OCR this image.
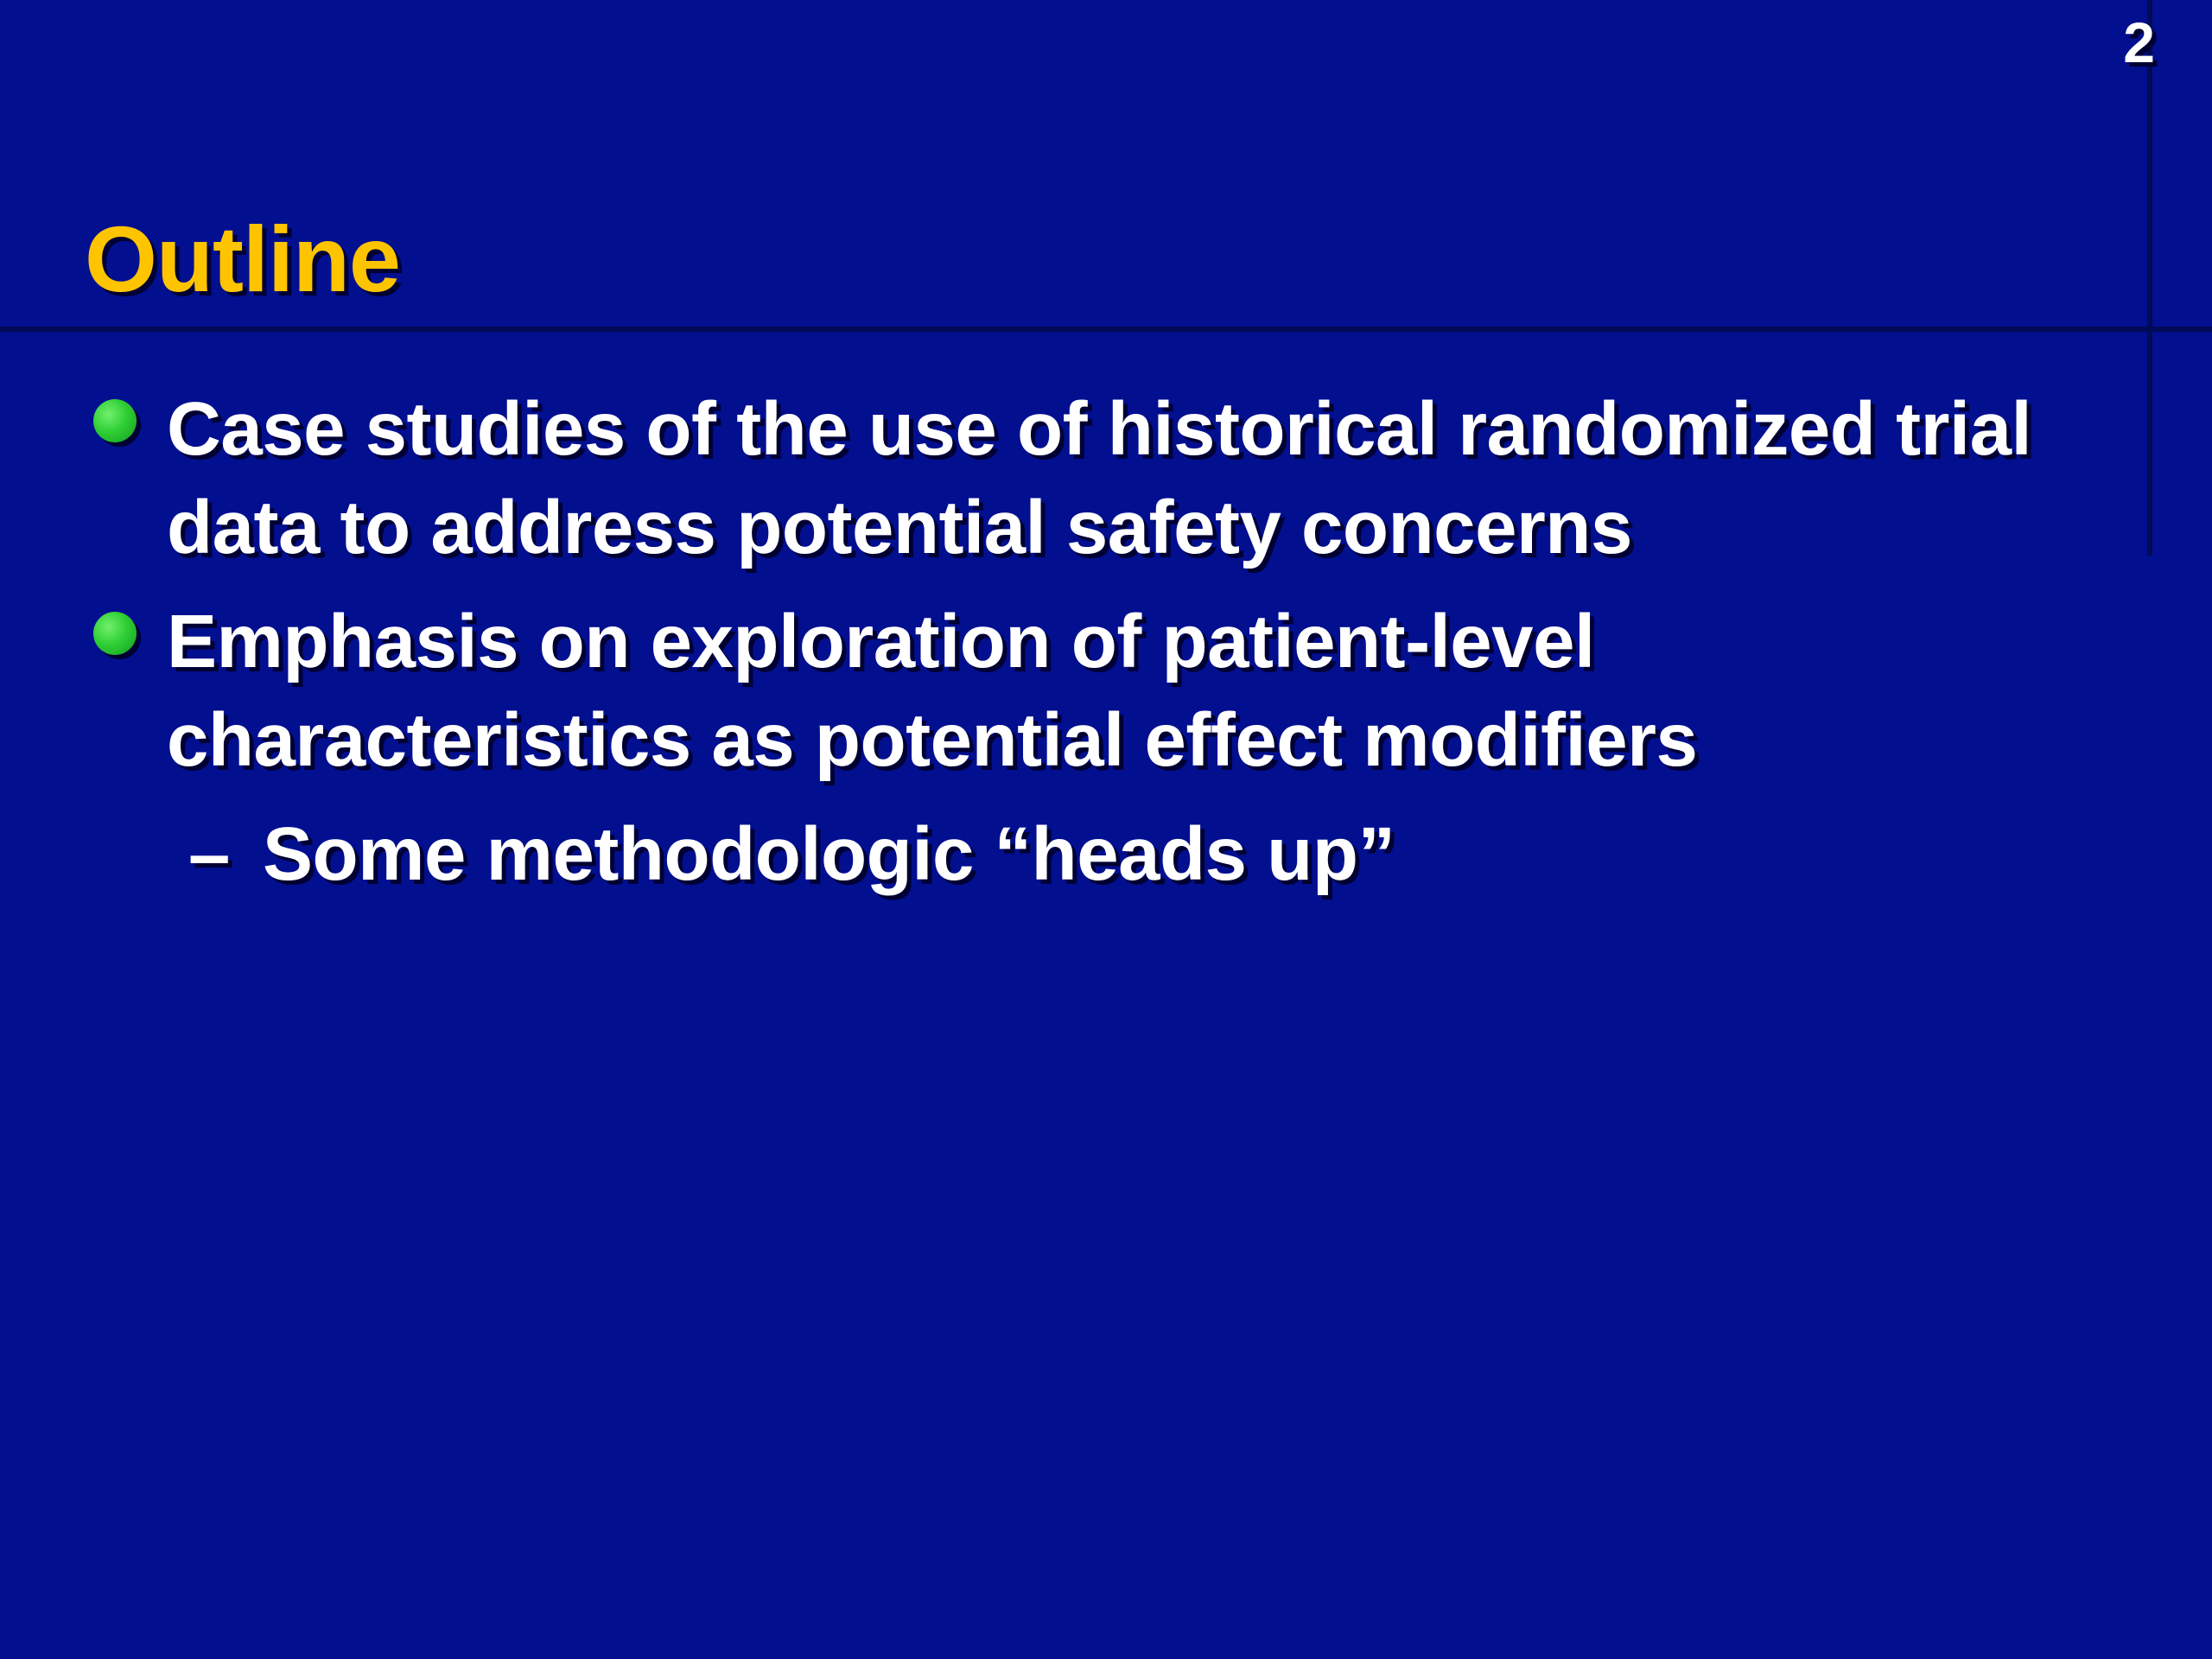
2
Outline
Case studies of the use of historical randomized trial data to address potential safety concerns
Emphasis on exploration of patient-level characteristics as potential effect modifiers
– Some methodologic “heads up”
